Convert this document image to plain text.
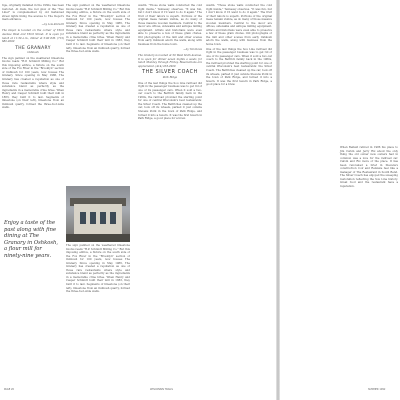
tige, originally installed in the 1930s, has been restored. At dusk, the red glow of the "Neo Liner" is complemented by old fashioned street lights lining the avenue to The Depot's main entrance.

—by Lois Albrecht

The Depot is located on the corner of Third Avenue West and Third Street. It is open for lunch at 11:30 a.m., dinner at 5:00 P.M. (715) 682-0200

THE GRANARY
Oshkosh

The sign painted on the weathered limestone blocks reads "H.P. Schmidt Milling Co." But this imposing edifice, a fixture on the south side of the Fox River in the "Brooklyn" section of Oshkosh for 100 years, now houses The Granary. Since opening in May 1986, The Granary has created a reputation as one of those rare restaurants where style and substance blend as perfectly as the ingredients in a memorable crme brlee. When Henry and Casper Schmidt built their mill in 1883, they built it to last. Segments of limestone (on their left), limestone from an Oshkosh quarry, formed the three-foot-wide walls.

Enjoy a taste of the past along with fine dining at The Granary in Oshkosh, a flour mill for ninety-nine years.

The sign painted on the weathered limestone blocks reads "H.P. Schmidt Milling Co." But this imposing edifice, a fixture on the south side of the Fox River in the "Brooklyn" section of Oshkosh for 100 years, now houses The Granary. Since opening in May 1986, The Granary has created a reputation as one of those rare restaurants where style and substance blend as perfectly as the ingredients in a memorable crme brlee. When Henry and Casper Schmidt built their mill in 1883, they built it to last. Segments of limestone (on their left), limestone from an Oshkosh quarry, formed the three-foot-wide walls.

The sign painted on the weathered limestone blocks reads "H.P. Schmidt Milling Co." But this imposing edifice, a fixture on the south side of the Fox River in the "Brooklyn" section of Oshkosh for 100 years, now houses The Granary. Since opening in May 1986, The Granary has created a reputation as one of those rare restaurants where style and substance blend as perfectly as the ingredients in a memorable crme brlee. When Henry and Casper Schmidt built their mill in 1883, they built it to last. Segments of limestone (on their left), limestone from an Oshkosh quarry, formed the three-foot-wide walls.

Austin. "Those stone walls conducted the cold right inside," Tennessy observes. "It was fun, but I don't know if I'd want to do it again." The fruit of their labors is superb. Portions of the original mesa remain visible, as do many of those massive wooden members. Central to the decor are offices, sidewalks and antique milling equipment. Artists and historians were even able to preserve a few of these grain chutes. Old photographs of the mill and other scenes from early Oshkosh adorn the walls, along with business from the home town.

—by Tom Davis

The Granary is located at 50 West Sixth Avenue. It is open for dinner seven nights a week; for lunch Monday through Friday. Reservations are appreciated. (414) 233-2929

THE SILVER COACH
Park Ridge

One of the last things the Sou Line railroad did right in the passenger business was to get rid of one of its passenger cars. When it sold a two-car coach to the Belfrich family back in the 1960s, the railroad provided the starting point for one of central Wisconsin's best restaurants: the Silver Coach. The Belfriches cleaned up the car, took off its wheels, parked it just outside Stevens Point in the town of Park Ridge, and turned it into a tavern. It was the first tavern in Park Ridge, a good place for a brew.

Austin. "Those stone walls conducted the cold right inside," Tennessy observes. "It was fun, but I don't know if I'd want to do it again." The fruit of their labors is superb. Portions of the original mesa remain visible, as do many of those massive wooden members. Central to the decor are offices, sidewalks and antique milling equipment. Artists and historians were even able to preserve a few of these grain chutes. Old photographs of the mill and other scenes from early Oshkosh adorn the walls, along with business from the home town.

One of the last things the Sou Line railroad did right in the passenger business was to get rid of one of its passenger cars. When it sold a two-car coach to the Belfrich family back in the 1960s, the railroad provided the starting point for one of central Wisconsin's best restaurants: the Silver Coach. The Belfriches cleaned up the car, took off its wheels, parked it just outside Stevens Point in the town of Park Ridge, and turned it into a tavern. It was the first tavern in Park Ridge, a good place for a brew.

When Beifeld retired in 1986 his place to Jim Calvin and Jerry Rix about the only thing the old owner new owners had in common was a love for the railroad car. Calvin and Rix more of the place. It has been renovated a brief in Stevens's construction roof and Rennate feel like a manager of The Restaurant in South Bend. The Silver Coach has enjoyed the sweeping restoration reflecting the Sou Line history. Great food and the restaurant have a reputation.

PAGE 20	WISCONSIN TRAILS	SUMMER 1992
